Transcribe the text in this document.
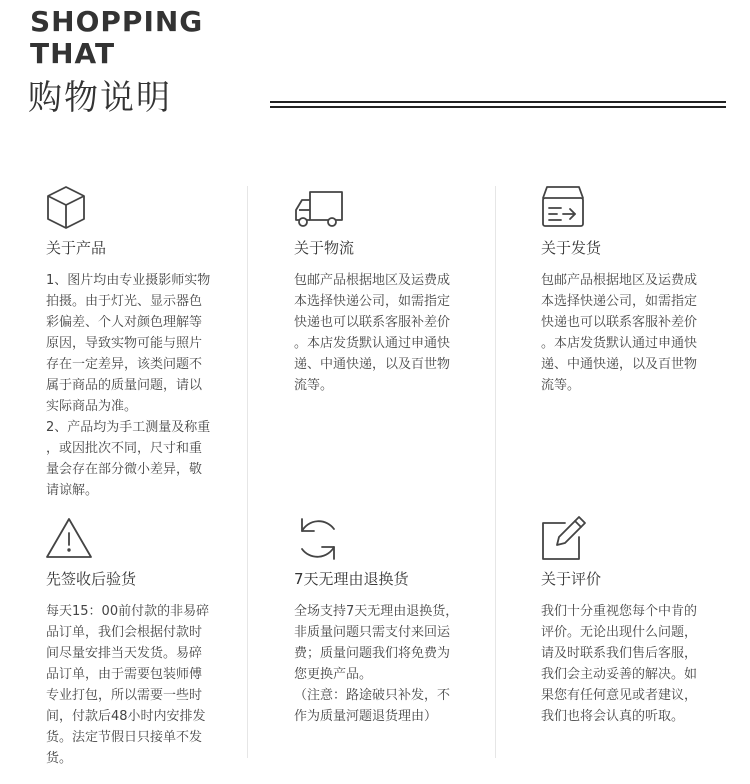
SHOPPING
THAT
购物说明
关于产品

1、图片均由专业摄影师实物

拍摄。由于灯光、显示器色

彩偏差、个人对颜色理解等

原因，导致实物可能与照片

存在一定差异，该类问题不

属于商品的质量问题，请以

实际商品为准。

2、产品均为手工测量及称重

，或因批次不同，尺寸和重

量会存在部分微小差异，敬

请谅解。

关于物流

包邮产品根据地区及运费成

本选择快递公司，如需指定

快递也可以联系客服补差价

。本店发货默认通过申通快

递、中通快递，以及百世物

流等。

关于发货

包邮产品根据地区及运费成

本选择快递公司，如需指定

快递也可以联系客服补差价

。本店发货默认通过申通快

递、中通快递，以及百世物

流等。

先签收后验货

每天15：00前付款的非易碎

品订单，我们会根据付款时

间尽量安排当天发货。易碎

品订单，由于需要包装师傅

专业打包，所以需要一些时

间，付款后48小时内安排发

货。法定节假日只接单不发

货。

7天无理由退换货

全场支持7天无理由退换货，

非质量问题只需支付来回运

费；质量问题我们将免费为

您更换产品。

（注意：路途破只补发，不

作为质量河题退货理由）

关于评价

我们十分重视您每个中肯的

评价。无论出现什么问题，

请及时联系我们售后客服，

我们会主动妥善的解决。如

果您有任何意见或者建议，

我们也将会认真的听取。
